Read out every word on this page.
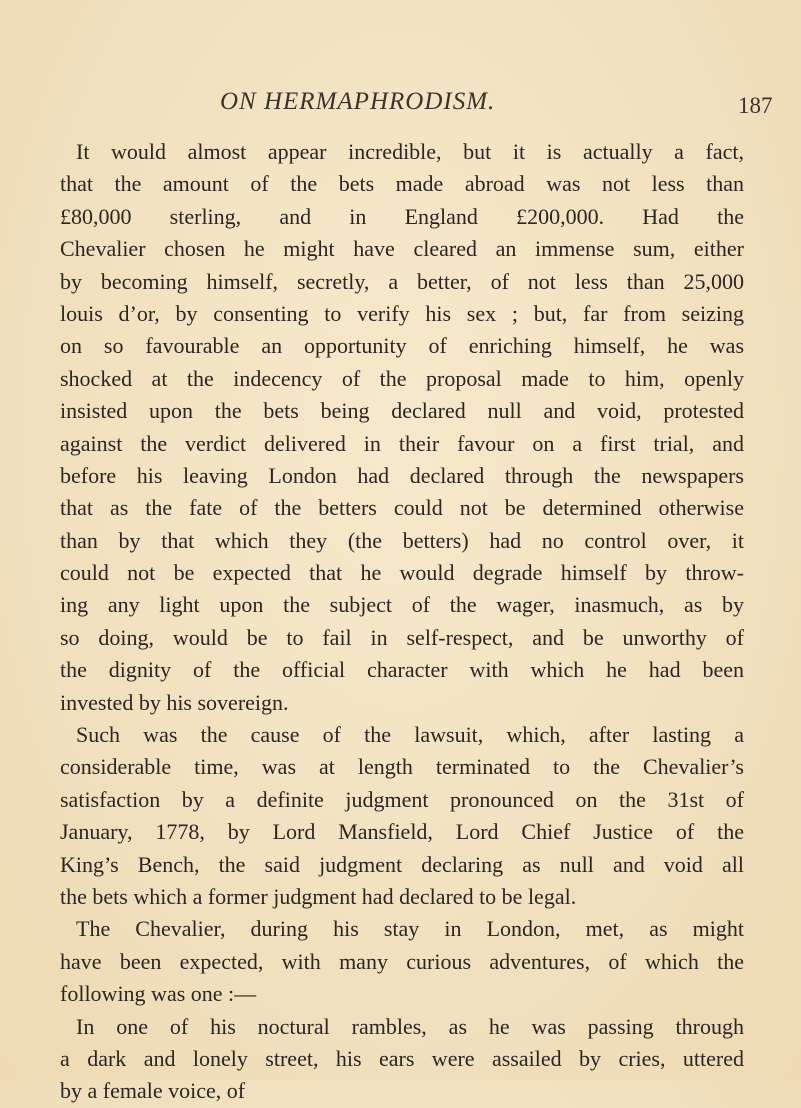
ON HERMAPHRODISM.	187
It would almost appear incredible, but it is actually a fact,
that the amount of the bets made abroad was not less than
£80,000 sterling, and in England £200,000. Had the
Chevalier chosen he might have cleared an immense sum, either
by becoming himself, secretly, a better, of not less than 25,000
louis d’or, by consenting to verify his sex ; but, far from seizing
on so favourable an opportunity of enriching himself, he was
shocked at the indecency of the proposal made to him, openly
insisted upon the bets being declared null and void, protested
against the verdict delivered in their favour on a first trial, and
before his leaving London had declared through the newspapers
that as the fate of the betters could not be determined otherwise
than by that which they (the betters) had no control over, it
could not be expected that he would degrade himself by throw-
ing any light upon the subject of the wager, inasmuch, as by
so doing, would be to fail in self-respect, and be unworthy of
the dignity of the official character with which he had been
invested by his sovereign.
Such was the cause of the lawsuit, which, after lasting a
considerable time, was at length terminated to the Chevalier’s
satisfaction by a definite judgment pronounced on the 31st of
January, 1778, by Lord Mansfield, Lord Chief Justice of the
King’s Bench, the said judgment declaring as null and void all
the bets which a former judgment had declared to be legal.
The Chevalier, during his stay in London, met, as might
have been expected, with many curious adventures, of which the
following was one :—
In one of his noctural rambles, as he was passing through
a dark and lonely street, his ears were assailed by cries, uttered
by a female voice, of
